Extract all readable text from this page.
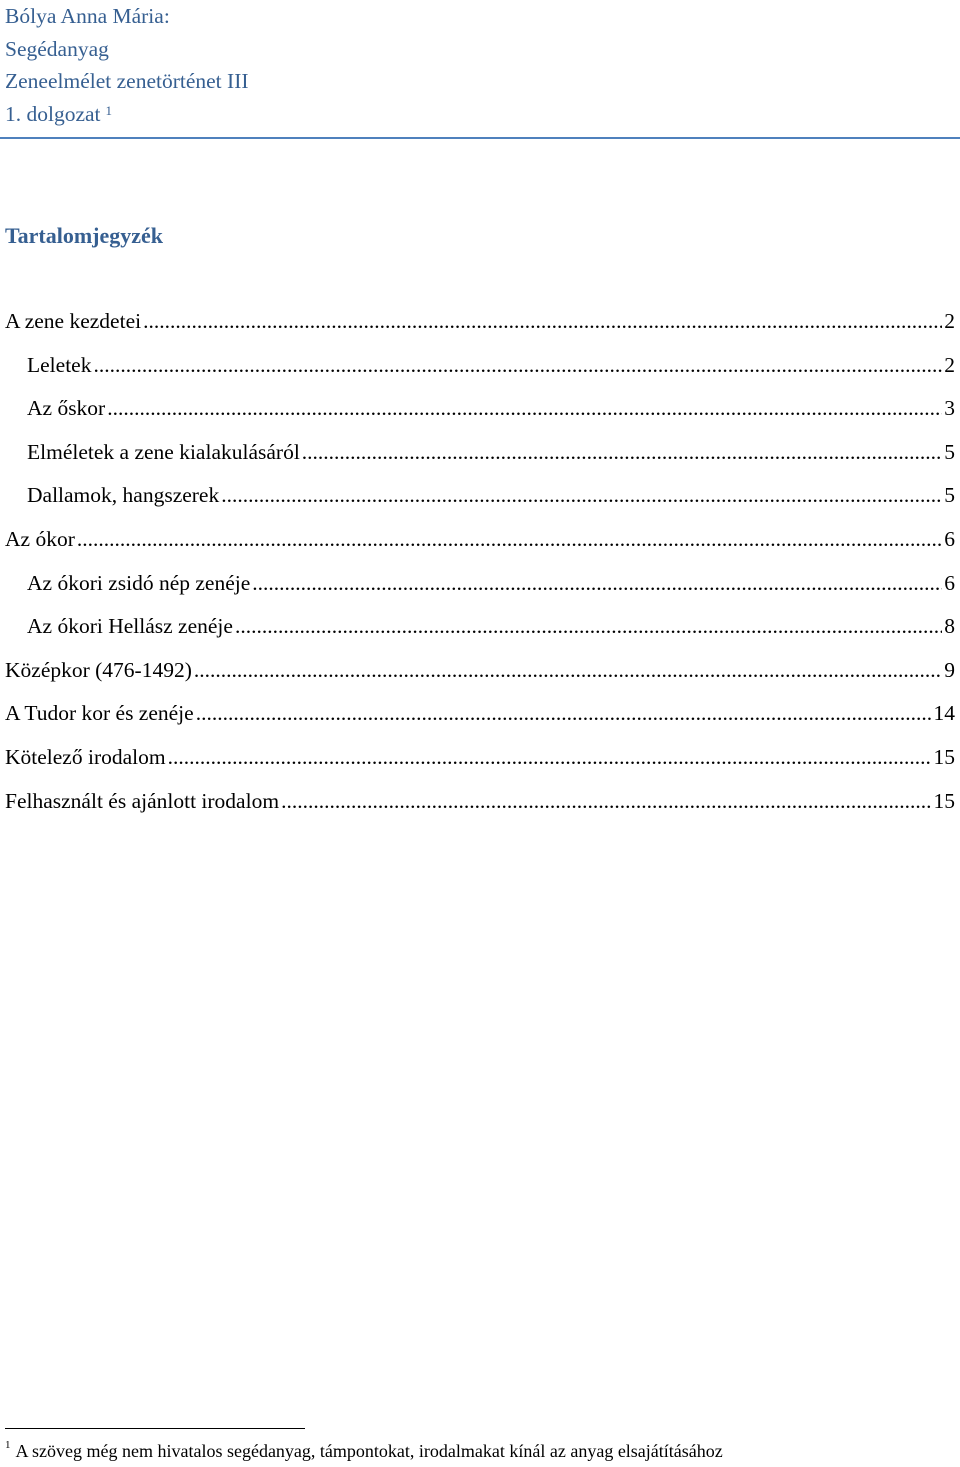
Bólya Anna Mária:
Segédanyag
Zeneelmélet zenetörténet III
1. dolgozat $^1$
Tartalomjegyzék
A zene kezdetei .....	2
Leletek .....	2
Az őskor .....	3
Elméletek a zene kialakulásáról .....	5
Dallamok, hangszerek .....	5
Az ókor .....	6
Az ókori zsidó nép zenéje .....	6
Az ókori Hellász zenéje .....	8
Középkor (476-1492) .....	9
A Tudor kor és zenéje .....	14
Kötelező irodalom .....	15
Felhasznált és ajánlott irodalom .....	15
$^1$ A szöveg még nem hivatalos segédanyag, támpontokat, irodalmakat kínál az anyag elsajátításához
